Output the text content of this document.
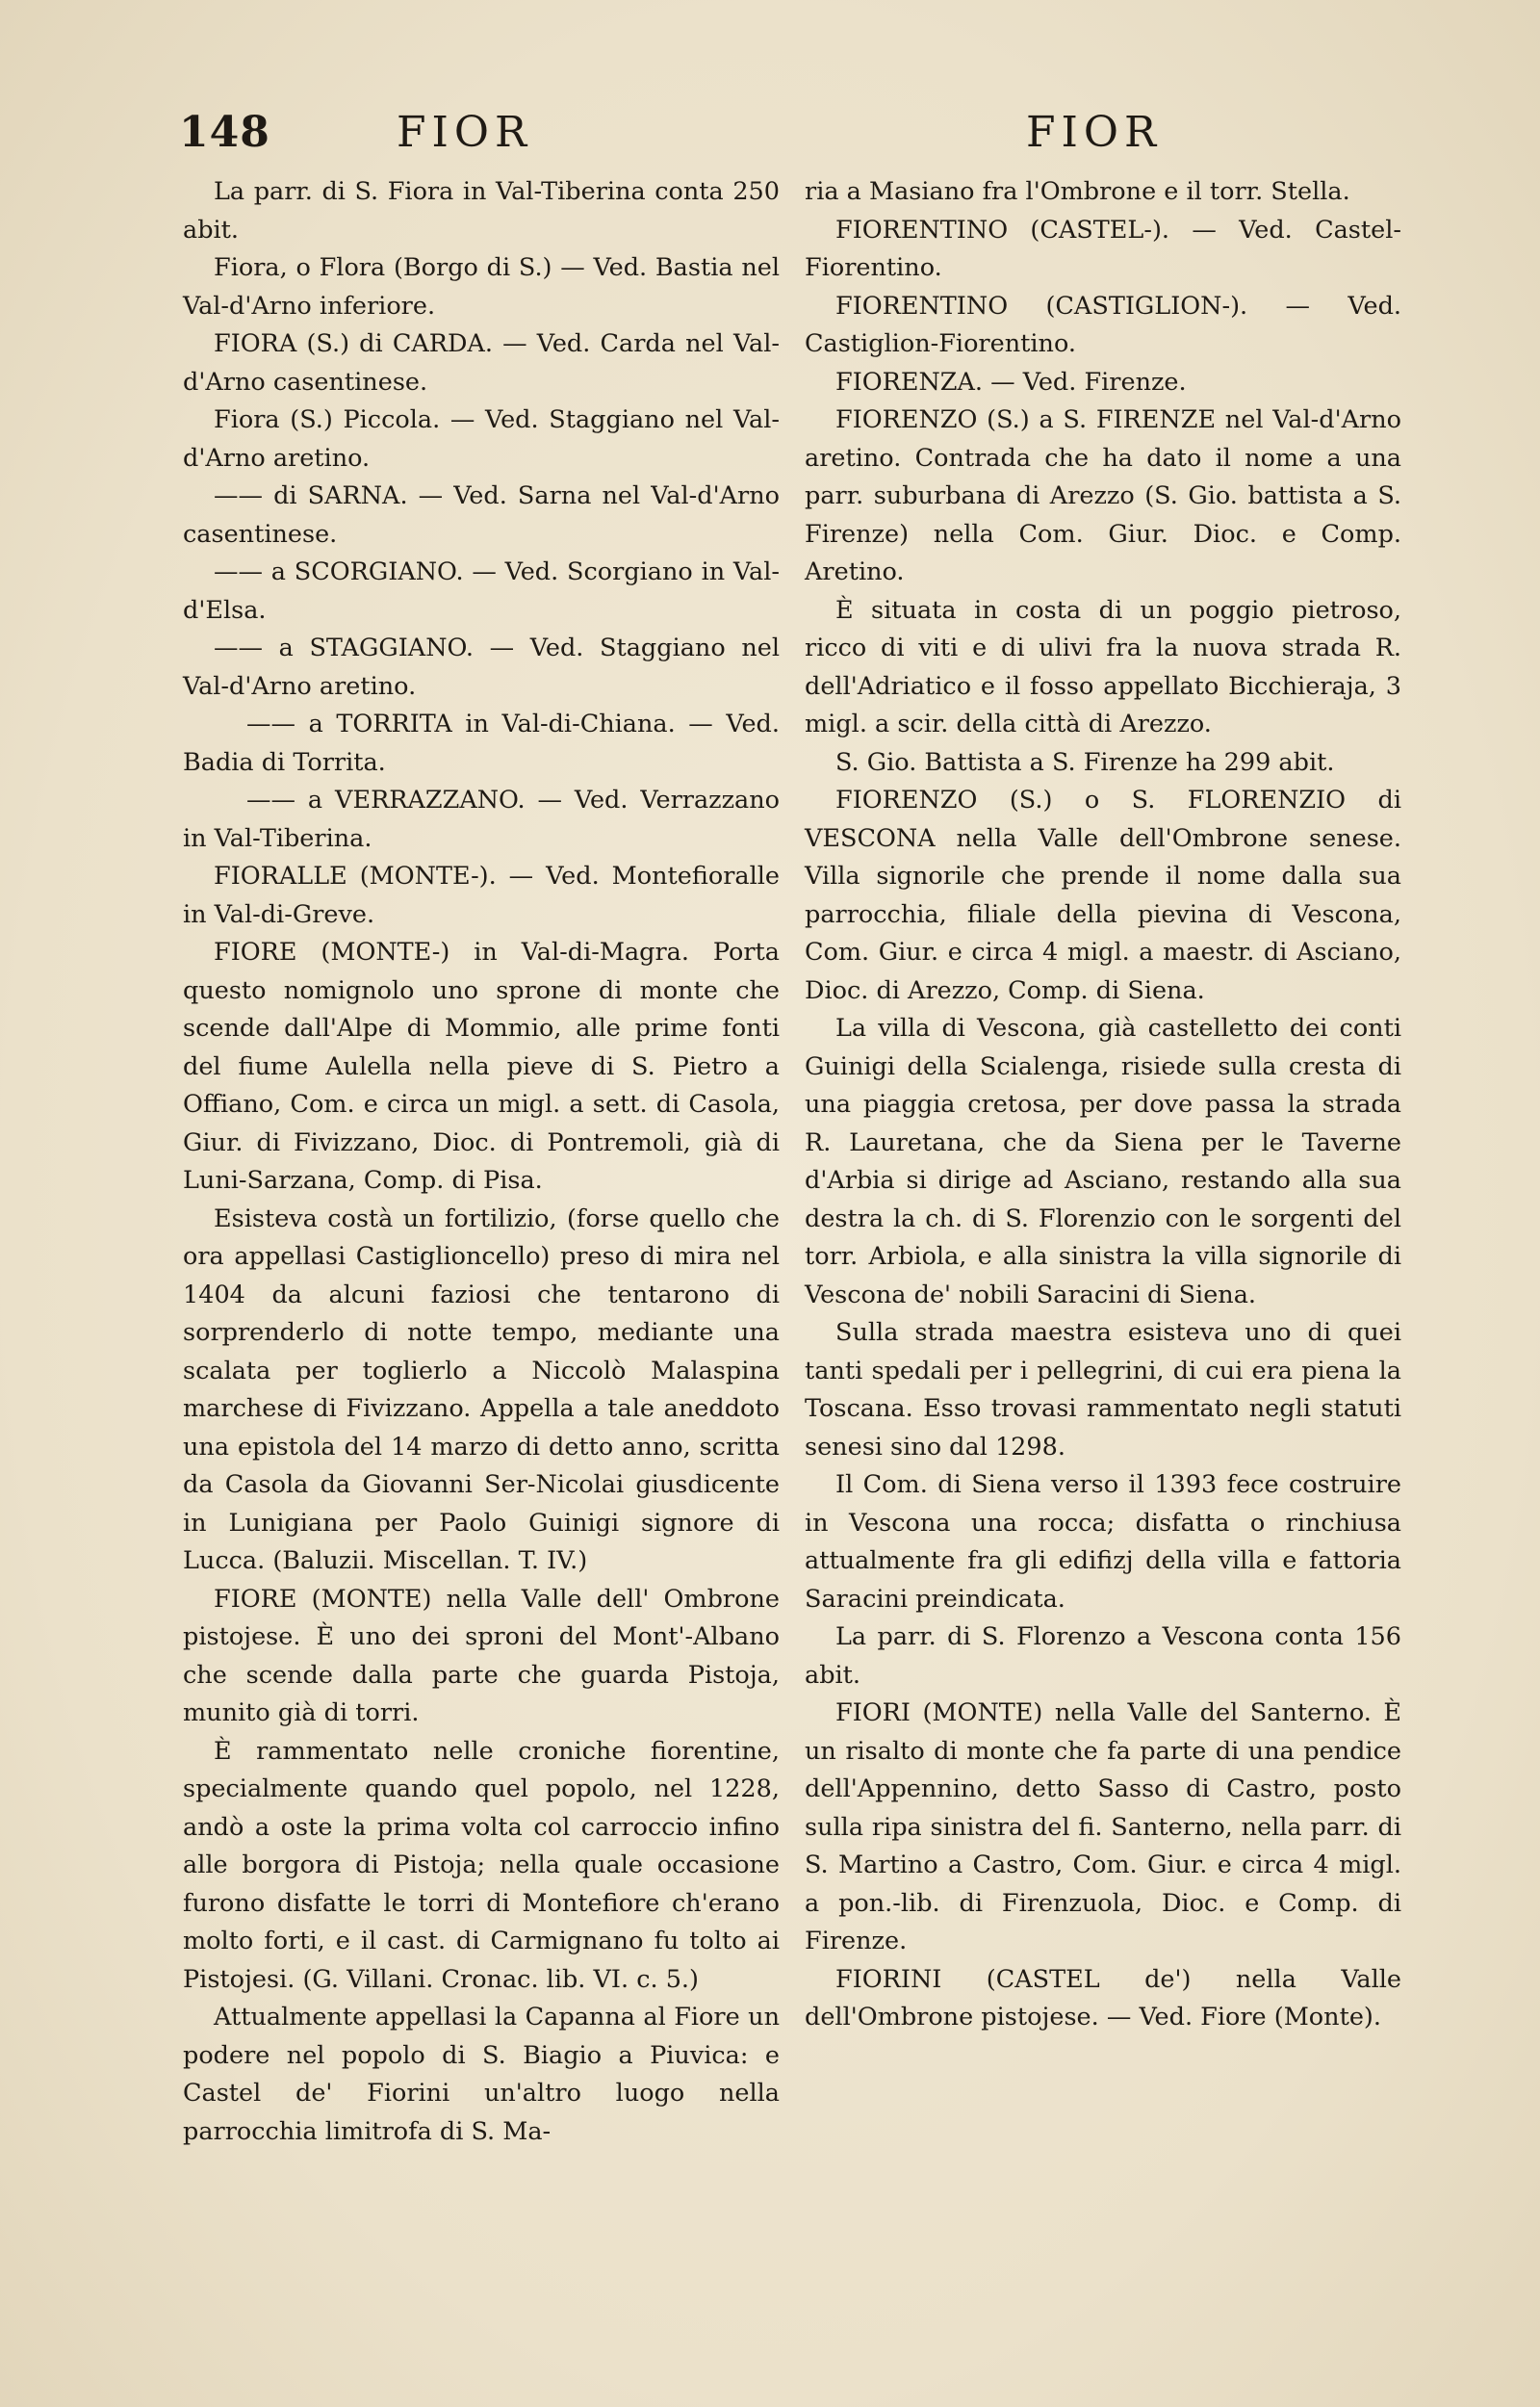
148	FIOR	FIOR

La parr. di S. Fiora in Val-Tiberina conta 250 abit.

Fiora, o Flora (Borgo di S.) — Ved. Bastia nel Val-d'Arno inferiore.

FIORA (S.) di CARDA. — Ved. Carda nel Val-d'Arno casentinese.

Fiora (S.) Piccola. — Ved. Staggiano nel Val-d'Arno aretino.

—— di SARNA. — Ved. Sarna nel Val-d'Arno casentinese.

—— a SCORGIANO. — Ved. Scorgiano in Val-d'Elsa.

—— a STAGGIANO. — Ved. Staggiano nel Val-d'Arno aretino.

—— a TORRITA in Val-di-Chiana. — Ved. Badia di Torrita.

—— a VERRAZZANO. — Ved. Verrazzano in Val-Tiberina.

FIORALLE (MONTE-). — Ved. Montefioralle in Val-di-Greve.

FIORE (MONTE-) in Val-di-Magra. Porta questo nomignolo uno sprone di monte che scende dall'Alpe di Mommio, alle prime fonti del fiume Aulella nella pieve di S. Pietro a Offiano, Com. e circa un migl. a sett. di Casola, Giur. di Fivizzano, Dioc. di Pontremoli, già di Luni-Sarzana, Comp. di Pisa.

Esisteva costà un fortilizio, (forse quello che ora appellasi Castiglioncello) preso di mira nel 1404 da alcuni faziosi che tentarono di sorprenderlo di notte tempo, mediante una scalata per toglierlo a Niccolò Malaspina marchese di Fivizzano. Appella a tale aneddoto una epistola del 14 marzo di detto anno, scritta da Casola da Giovanni Ser-Nicolai giusdicente in Lunigiana per Paolo Guinigi signore di Lucca. (Baluzii. Miscellan. T. IV.)

FIORE (MONTE) nella Valle dell' Ombrone pistojese. È uno dei sproni del Mont'-Albano che scende dalla parte che guarda Pistoja, munito già di torri.

È rammentato nelle croniche fiorentine, specialmente quando quel popolo, nel 1228, andò a oste la prima volta col carroccio infino alle borgora di Pistoja; nella quale occasione furono disfatte le torri di Montefiore ch'erano molto forti, e il cast. di Carmignano fu tolto ai Pistojesi. (G. Villani. Cronac. lib. VI. c. 5.)

Attualmente appellasi la Capanna al Fiore un podere nel popolo di S. Biagio a Piuvica: e Castel de' Fiorini un'altro luogo nella parrocchia limitrofa di S. Ma-

ria a Masiano fra l'Ombrone e il torr. Stella.

FIORENTINO (CASTEL-). — Ved. Castel-Fiorentino.

FIORENTINO (CASTIGLION-). — Ved. Castiglion-Fiorentino.

FIORENZA. — Ved. Firenze.

FIORENZO (S.) a S. FIRENZE nel Val-d'Arno aretino. Contrada che ha dato il nome a una parr. suburbana di Arezzo (S. Gio. battista a S. Firenze) nella Com. Giur. Dioc. e Comp. Aretino.

È situata in costa di un poggio pietroso, ricco di viti e di ulivi fra la nuova strada R. dell'Adriatico e il fosso appellato Bicchieraja, 3 migl. a scir. della città di Arezzo.

S. Gio. Battista a S. Firenze ha 299 abit.

FIORENZO (S.) o S. FLORENZIO di VESCONA nella Valle dell'Ombrone senese. Villa signorile che prende il nome dalla sua parrocchia, filiale della pievina di Vescona, Com. Giur. e circa 4 migl. a maestr. di Asciano, Dioc. di Arezzo, Comp. di Siena.

La villa di Vescona, già castelletto dei conti Guinigi della Scialenga, risiede sulla cresta di una piaggia cretosa, per dove passa la strada R. Lauretana, che da Siena per le Taverne d'Arbia si dirige ad Asciano, restando alla sua destra la ch. di S. Florenzio con le sorgenti del torr. Arbiola, e alla sinistra la villa signorile di Vescona de' nobili Saracini di Siena.

Sulla strada maestra esisteva uno di quei tanti spedali per i pellegrini, di cui era piena la Toscana. Esso trovasi rammentato negli statuti senesi sino dal 1298.

Il Com. di Siena verso il 1393 fece costruire in Vescona una rocca; disfatta o rinchiusa attualmente fra gli edifizj della villa e fattoria Saracini preindicata.

La parr. di S. Florenzo a Vescona conta 156 abit.

FIORI (MONTE) nella Valle del Santerno. È un risalto di monte che fa parte di una pendice dell'Appennino, detto Sasso di Castro, posto sulla ripa sinistra del fi. Santerno, nella parr. di S. Martino a Castro, Com. Giur. e circa 4 migl. a pon.-lib. di Firenzuola, Dioc. e Comp. di Firenze.

FIORINI (CASTEL de') nella Valle dell'Ombrone pistojese. — Ved. Fiore (Monte).
